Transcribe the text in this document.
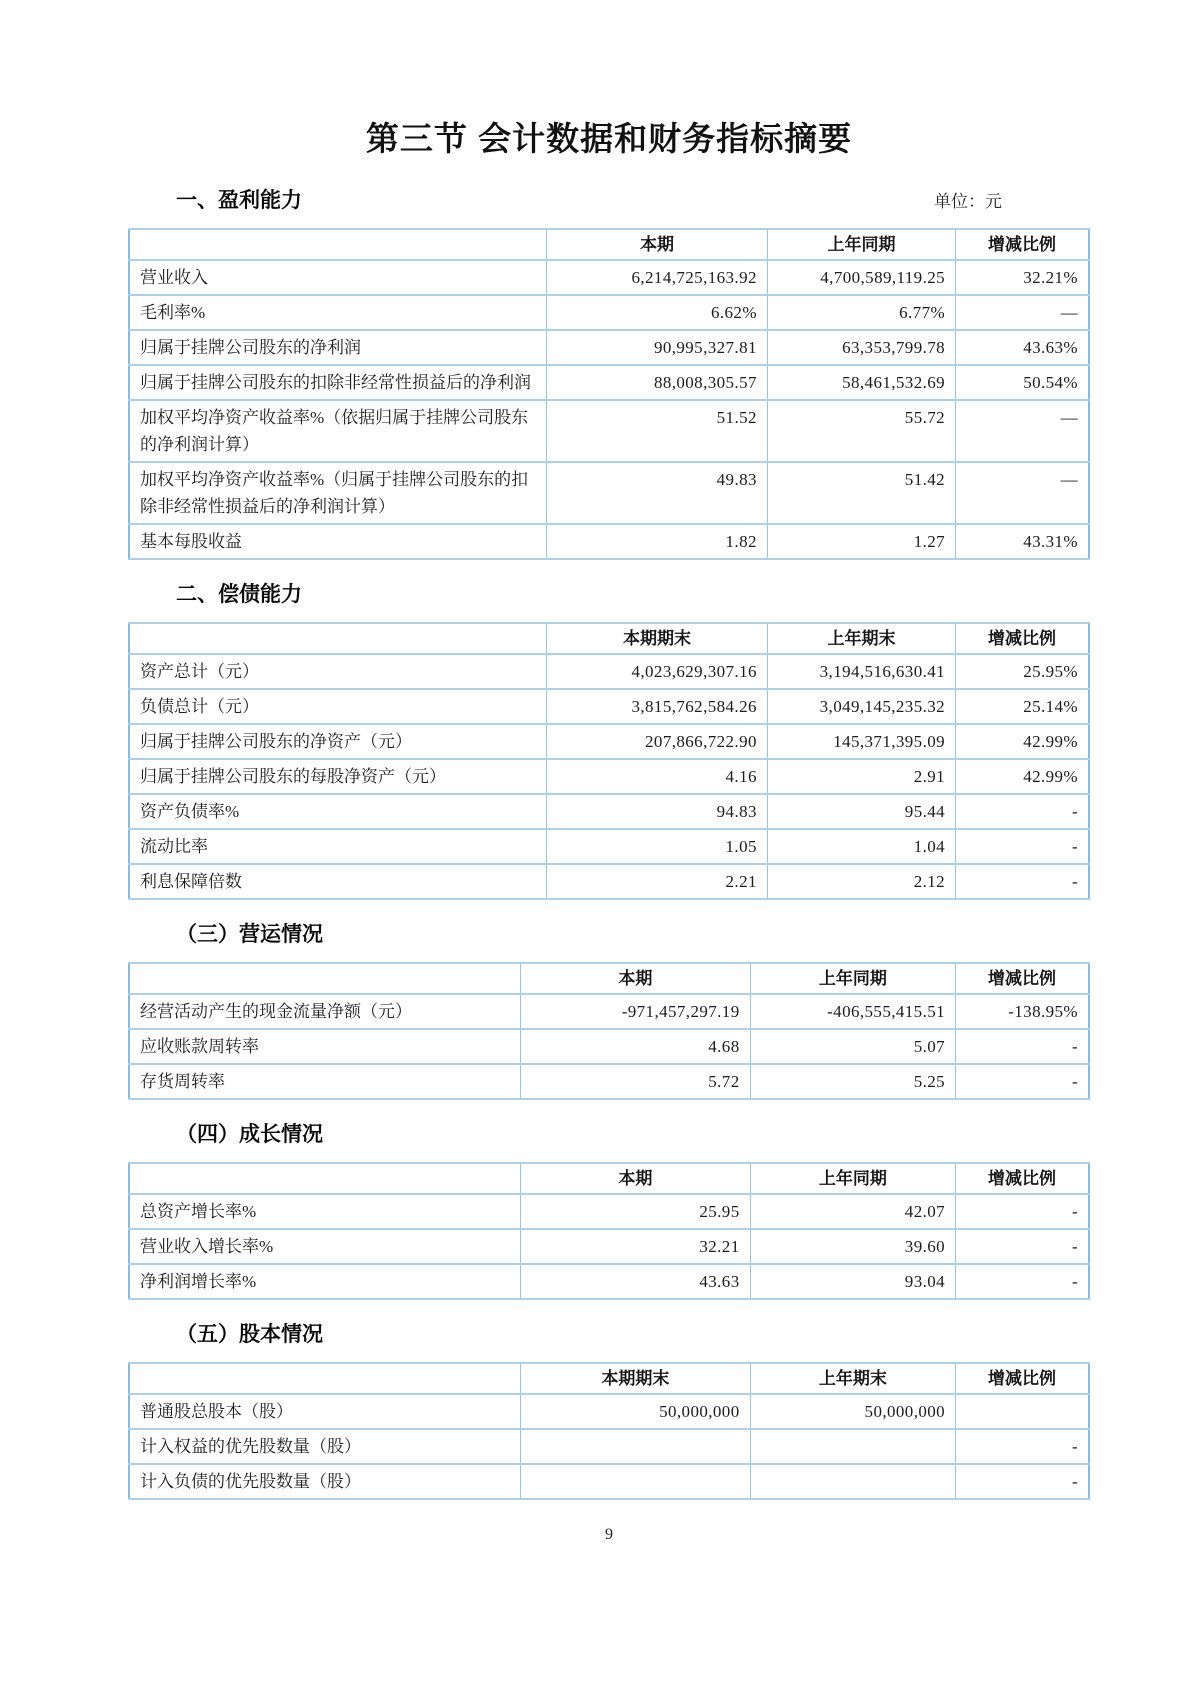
第三节 会计数据和财务指标摘要
一、盈利能力	单位：元
	本期	上年同期	增减比例
营业收入	6,214,725,163.92	4,700,589,119.25	32.21%
毛利率%	6.62%	6.77%	—
归属于挂牌公司股东的净利润	90,995,327.81	63,353,799.78	43.63%
归属于挂牌公司股东的扣除非经常性损益后的净利润	88,008,305.57	58,461,532.69	50.54%
加权平均净资产收益率%（依据归属于挂牌公司股东的净利润计算）	51.52	55.72	—
加权平均净资产收益率%（归属于挂牌公司股东的扣除非经常性损益后的净利润计算）	49.83	51.42	—
基本每股收益	1.82	1.27	43.31%
二、偿债能力
	本期期末	上年期末	增减比例
资产总计（元）	4,023,629,307.16	3,194,516,630.41	25.95%
负债总计（元）	3,815,762,584.26	3,049,145,235.32	25.14%
归属于挂牌公司股东的净资产（元）	207,866,722.90	145,371,395.09	42.99%
归属于挂牌公司股东的每股净资产（元）	4.16	2.91	42.99%
资产负债率%	94.83	95.44	-
流动比率	1.05	1.04	-
利息保障倍数	2.21	2.12	-
（三）营运情况
	本期	上年同期	增减比例
经营活动产生的现金流量净额（元）	-971,457,297.19	-406,555,415.51	-138.95%
应收账款周转率	4.68	5.07	-
存货周转率	5.72	5.25	-
（四）成长情况
	本期	上年同期	增减比例
总资产增长率%	25.95	42.07	-
营业收入增长率%	32.21	39.60	-
净利润增长率%	43.63	93.04	-
（五）股本情况
	本期期末	上年期末	增减比例
普通股总股本（股）	50,000,000	50,000,000	
计入权益的优先股数量（股）			-
计入负债的优先股数量（股）			-
9
